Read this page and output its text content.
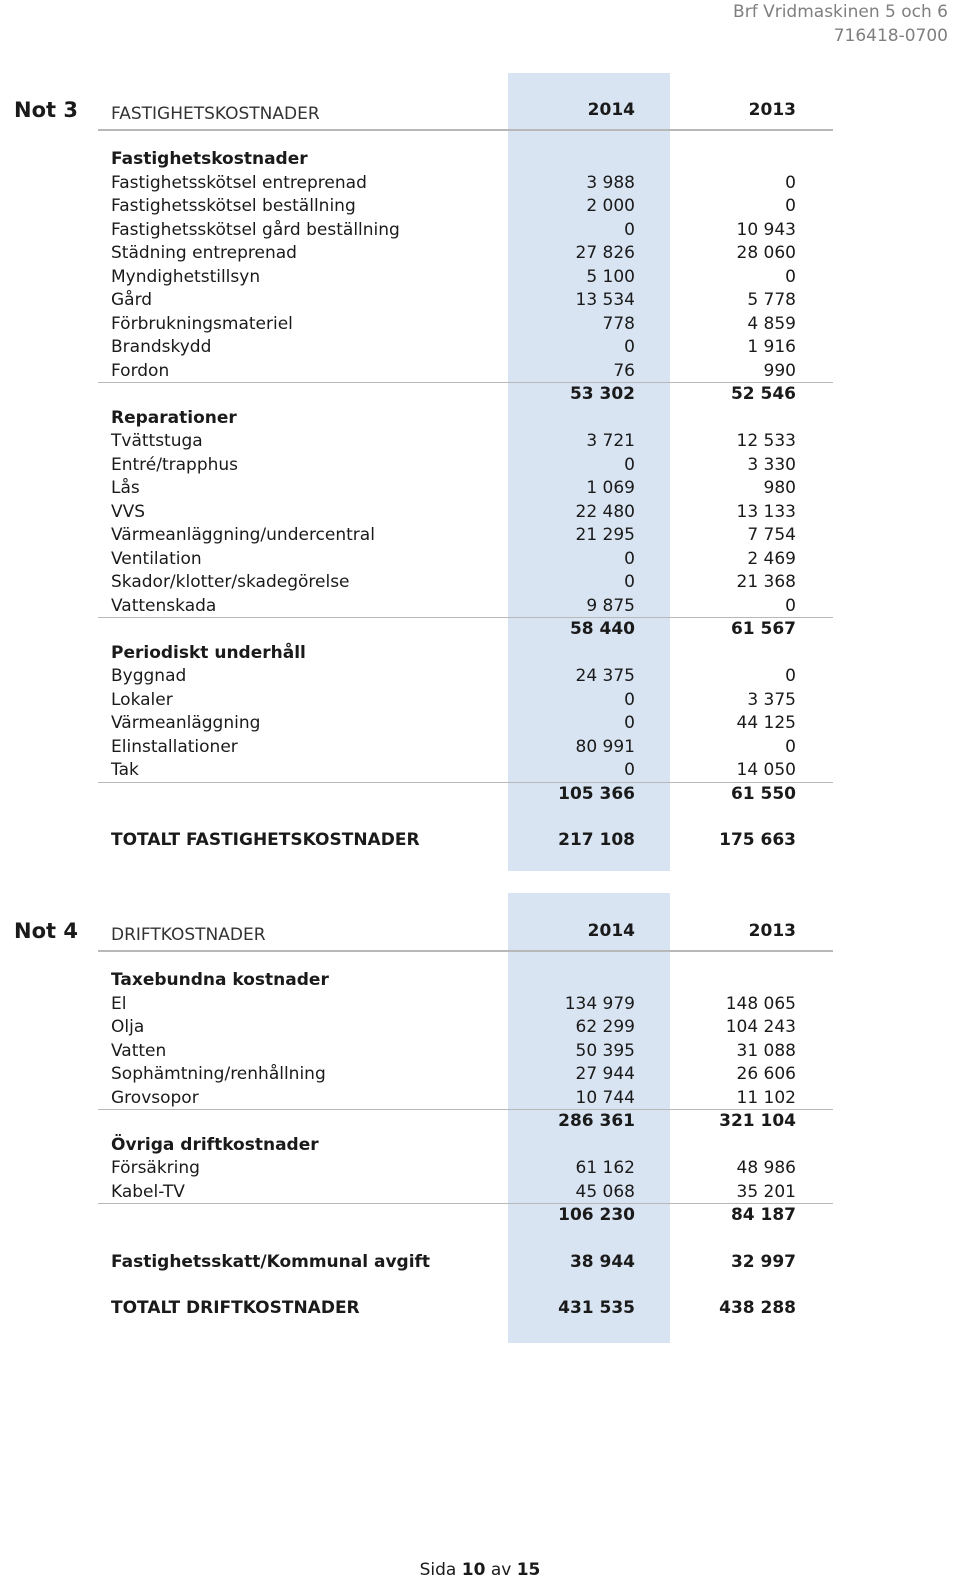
Brf Vridmaskinen 5 och 6
716418-0700
Not 3 FASTIGHETSKOSTNADER	2014	2013
Fastighetskostnader
Fastighetsskötsel entreprenad	3 988	0
Fastighetsskötsel beställning	2 000	0
Fastighetsskötsel gård beställning	0	10 943
Städning entreprenad	27 826	28 060
Myndighetstillsyn	5 100	0
Gård	13 534	5 778
Förbrukningsmateriel	778	4 859
Brandskydd	0	1 916
Fordon	76	990
53 302	52 546
Reparationer
Tvättstuga	3 721	12 533
Entré/trapphus	0	3 330
Lås	1 069	980
VVS	22 480	13 133
Värmeanläggning/undercentral	21 295	7 754
Ventilation	0	2 469
Skador/klotter/skadegörelse	0	21 368
Vattenskada	9 875	0
58 440	61 567
Periodiskt underhåll
Byggnad	24 375	0
Lokaler	0	3 375
Värmeanläggning	0	44 125
Elinstallationer	80 991	0
Tak	0	14 050
105 366	61 550
TOTALT FASTIGHETSKOSTNADER	217 108	175 663
Not 4 DRIFTKOSTNADER	2014	2013
Taxebundna kostnader
El	134 979	148 065
Olja	62 299	104 243
Vatten	50 395	31 088
Sophämtning/renhållning	27 944	26 606
Grovsopor	10 744	11 102
286 361	321 104
Övriga driftkostnader
Försäkring	61 162	48 986
Kabel-TV	45 068	35 201
106 230	84 187
Fastighetsskatt/Kommunal avgift	38 944	32 997
TOTALT DRIFTKOSTNADER	431 535	438 288
Sida 10 av 15
